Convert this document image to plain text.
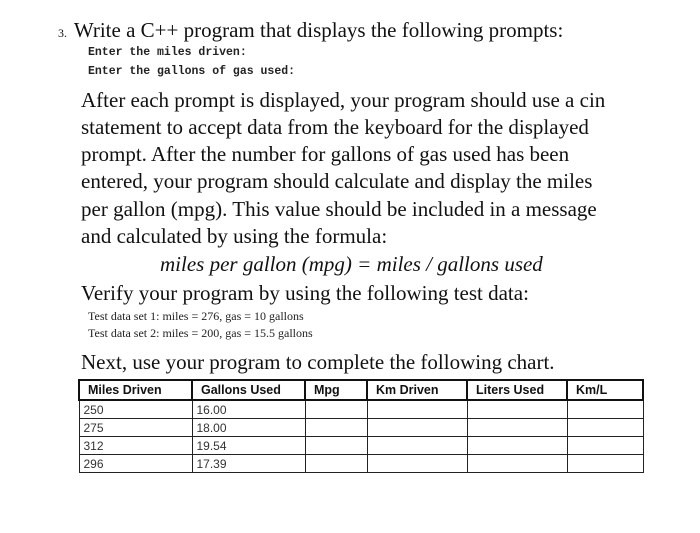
3. Write a C++ program that displays the following prompts:
Enter the miles driven:
Enter the gallons of gas used:
After each prompt is displayed, your program should use a cin
statement to accept data from the keyboard for the displayed
prompt. After the number for gallons of gas used has been
entered, your program should calculate and display the miles
per gallon (mpg). This value should be included in a message
and calculated by using the formula:
miles per gallon (mpg) = miles / gallons used
Verify your program by using the following test data:
Test data set 1: miles = 276, gas = 10 gallons
Test data set 2: miles = 200, gas = 15.5 gallons
Next, use your program to complete the following chart.
Miles Driven	Gallons Used	Mpg	Km Driven	Liters Used	Km/L
250	16.00				
275	18.00				
312	19.54				
296	17.39				
